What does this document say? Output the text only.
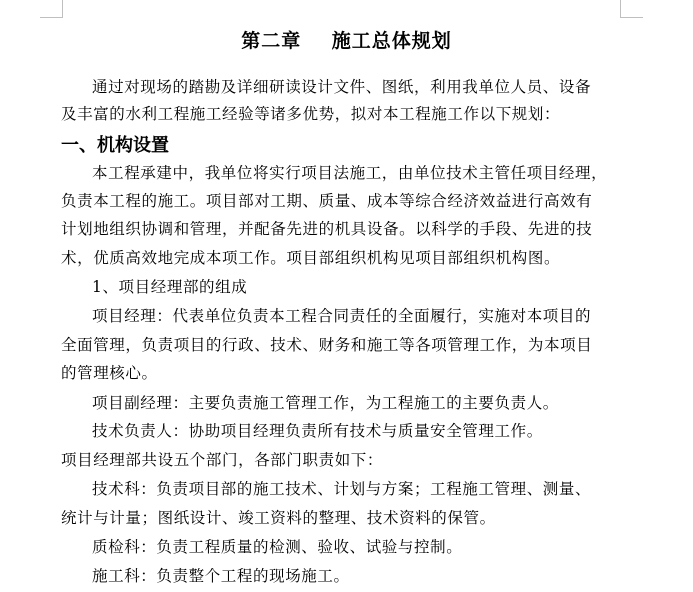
第二章    施工总体规划
通过对现场的踏勘及详细研读设计文件、图纸，利用我单位人员、设备
及丰富的水利工程施工经验等诸多优势，拟对本工程施工作以下规划：
一、机构设置
本工程承建中，我单位将实行项目法施工，由单位技术主管任项目经理，
负责本工程的施工。项目部对工期、质量、成本等综合经济效益进行高效有
计划地组织协调和管理，并配备先进的机具设备。以科学的手段、先进的技
术，优质高效地完成本项工作。项目部组织机构见项目部组织机构图。
1、项目经理部的组成
项目经理：代表单位负责本工程合同责任的全面履行，实施对本项目的
全面管理，负责项目的行政、技术、财务和施工等各项管理工作，为本项目
的管理核心。
项目副经理：主要负责施工管理工作，为工程施工的主要负责人。
技术负责人：协助项目经理负责所有技术与质量安全管理工作。
项目经理部共设五个部门，各部门职责如下：
技术科：负责项目部的施工技术、计划与方案；工程施工管理、测量、
统计与计量；图纸设计、竣工资料的整理、技术资料的保管。
质检科：负责工程质量的检测、验收、试验与控制。
施工科：负责整个工程的现场施工。
